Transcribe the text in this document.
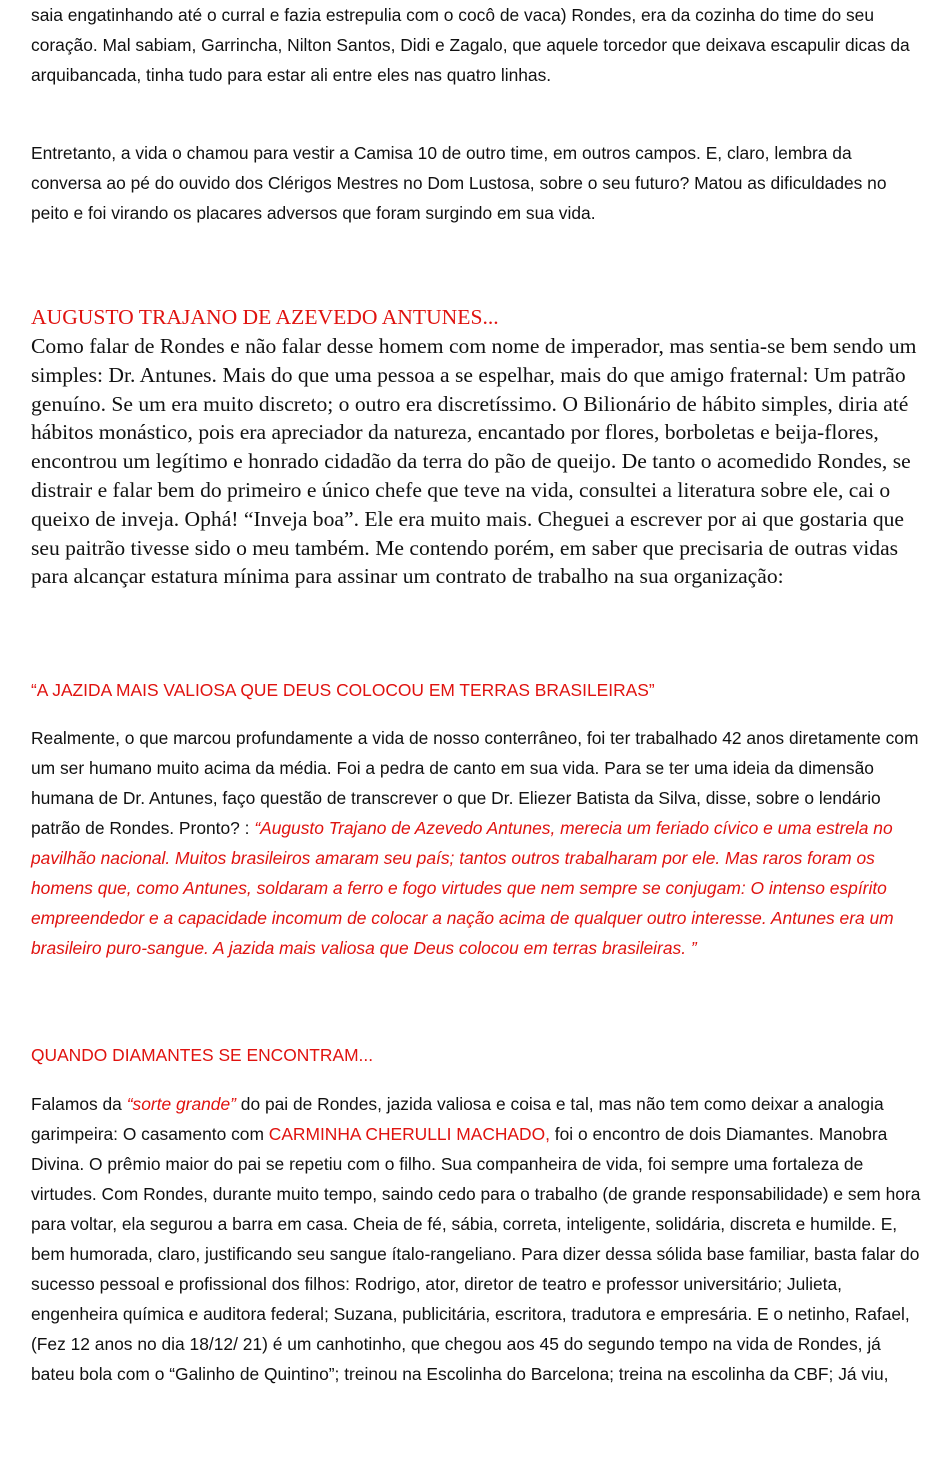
saia engatinhando até o curral e fazia estrepulia com o cocô de vaca) Rondes, era da cozinha do time do seu coração. Mal sabiam, Garrincha, Nilton Santos, Didi e Zagalo, que aquele torcedor que deixava escapulir dicas da arquibancada, tinha tudo para estar ali entre eles nas quatro linhas.

Entretanto, a vida o chamou para vestir a Camisa 10 de outro time, em outros campos. E, claro, lembra da conversa ao pé do ouvido dos Clérigos Mestres no Dom Lustosa, sobre o seu futuro? Matou as dificuldades no peito e foi virando os placares adversos que foram surgindo em sua vida.

AUGUSTO TRAJANO DE AZEVEDO ANTUNES...

Como falar de Rondes e não falar desse homem com nome de imperador, mas sentia-se bem sendo um simples: Dr. Antunes. Mais do que uma pessoa a se espelhar, mais do que amigo fraternal: Um patrão genuíno. Se um era muito discreto; o outro era discretíssimo. O Bilionário de hábito simples, diria até hábitos monástico, pois era apreciador da natureza, encantado por flores, borboletas e beija-flores, encontrou um legítimo e honrado cidadão da terra do pão de queijo. De tanto o acomedido Rondes, se distrair e falar bem do primeiro e único chefe que teve na vida, consultei a literatura sobre ele, cai o queixo de inveja. Ophá! “Inveja boa”. Ele era muito mais. Cheguei a escrever por ai que gostaria que seu paitrão tivesse sido o meu também. Me contendo porém, em saber que precisaria de outras vidas para alcançar estatura mínima para assinar um contrato de trabalho na sua organização:

“A JAZIDA MAIS VALIOSA QUE DEUS COLOCOU EM TERRAS BRASILEIRAS”

Realmente, o que marcou profundamente a vida de nosso conterrâneo, foi ter trabalhado 42 anos diretamente com um ser humano muito acima da média. Foi a pedra de canto em sua vida. Para se ter uma ideia da dimensão humana de Dr. Antunes, faço questão de transcrever o que Dr. Eliezer Batista da Silva, disse, sobre o lendário patrão de Rondes. Pronto? : “Augusto Trajano de Azevedo Antunes, merecia um feriado cívico e uma estrela no pavilhão nacional. Muitos brasileiros amaram seu país; tantos outros trabalharam por ele. Mas raros foram os homens que, como Antunes, soldaram a ferro e fogo virtudes que nem sempre se conjugam: O intenso espírito empreendedor e a capacidade incomum de colocar a nação acima de qualquer outro interesse. Antunes era um brasileiro puro-sangue. A jazida mais valiosa que Deus colocou em terras brasileiras. ”

QUANDO DIAMANTES SE ENCONTRAM...

Falamos da “sorte grande” do pai de Rondes, jazida valiosa e coisa e tal, mas não tem como deixar a analogia garimpeira: O casamento com CARMINHA CHERULLI MACHADO, foi o encontro de dois Diamantes. Manobra Divina. O prêmio maior do pai se repetiu com o filho. Sua companheira de vida, foi sempre uma fortaleza de virtudes. Com Rondes, durante muito tempo, saindo cedo para o trabalho (de grande responsabilidade) e sem hora para voltar, ela segurou a barra em casa. Cheia de fé, sábia, correta, inteligente, solidária, discreta e humilde. E, bem humorada, claro, justificando seu sangue ítalo-rangeliano. Para dizer dessa sólida base familiar, basta falar do sucesso pessoal e profissional dos filhos: Rodrigo, ator, diretor de teatro e professor universitário; Julieta, engenheira química e auditora federal; Suzana, publicitária, escritora, tradutora e empresária. E o netinho, Rafael, (Fez 12 anos no dia 18/12/ 21) é um canhotinho, que chegou aos 45 do segundo tempo na vida de Rondes, já bateu bola com o “Galinho de Quintino”; treinou na Escolinha do Barcelona; treina na escolinha da CBF; Já viu,
